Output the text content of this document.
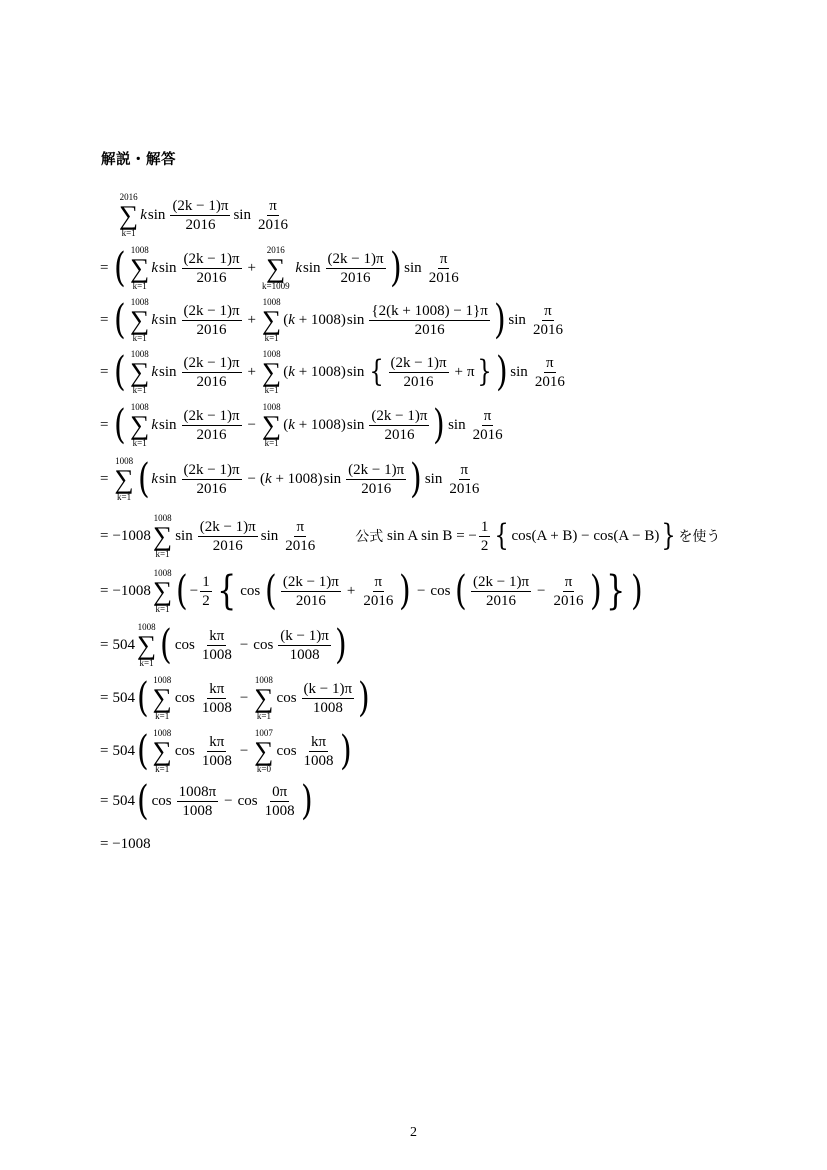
解説・解答
2016
∑
k=1
k sin
(2k − 1)π
2016
sin
π
2016
= ( 1008
∑
k=1
k sin
(2k − 1)π
2016
+
2016
∑
k=1009
k sin
(2k − 1)π
2016 ) sin
π
2016
= ( 1008
∑
k=1
k sin
(2k − 1)π
2016
+
1008
∑
k=1
(k + 1008) sin
{2(k + 1008) − 1}π
2016 ) sin
π
2016
= ( 1008
∑
k=1
k sin
(2k − 1)π
2016
+
1008
∑
k=1
(k + 1008) sin { (2k − 1)π
2016
+ π } ) sin
π
2016
= ( 1008
∑
k=1
k sin
(2k − 1)π
2016
−
1008
∑
k=1
(k + 1008) sin
(2k − 1)π
2016 ) sin
π
2016
=
1008
∑
k=1 ( k sin
(2k − 1)π
2016
− (k + 1008) sin
(2k − 1)π
2016 ) sin
π
2016
= −1008
1008
∑
k=1
sin
(2k − 1)π
2016
sin
π
2016
公式
sin A sin B = − $\frac{1}{2}$ { cos(A + B) − cos(A − B) } を使う
= −1008
1008
∑
k=1 ( − $\frac{1}{2}$ { cos ( (2k − 1)π
2016
+ $\frac{\pi}{2016}$ ) − cos ( (2k − 1)π
2016
− $\frac{\pi}{2016}$ ) } )
= 504
1008
∑
k=1 ( cos
kπ
1008
− cos
(k − 1)π
1008 )
= 504 ( 1008
∑
k=1
cos
kπ
1008
−
1008
∑
k=1
cos
(k − 1)π
1008 )
= 504 ( 1008
∑
k=1
cos
kπ
1008
−
1007
∑
k=0
cos
kπ
1008 )
= 504 ( cos
1008π
1008
− cos
0π
1008 )
= −1008
2
